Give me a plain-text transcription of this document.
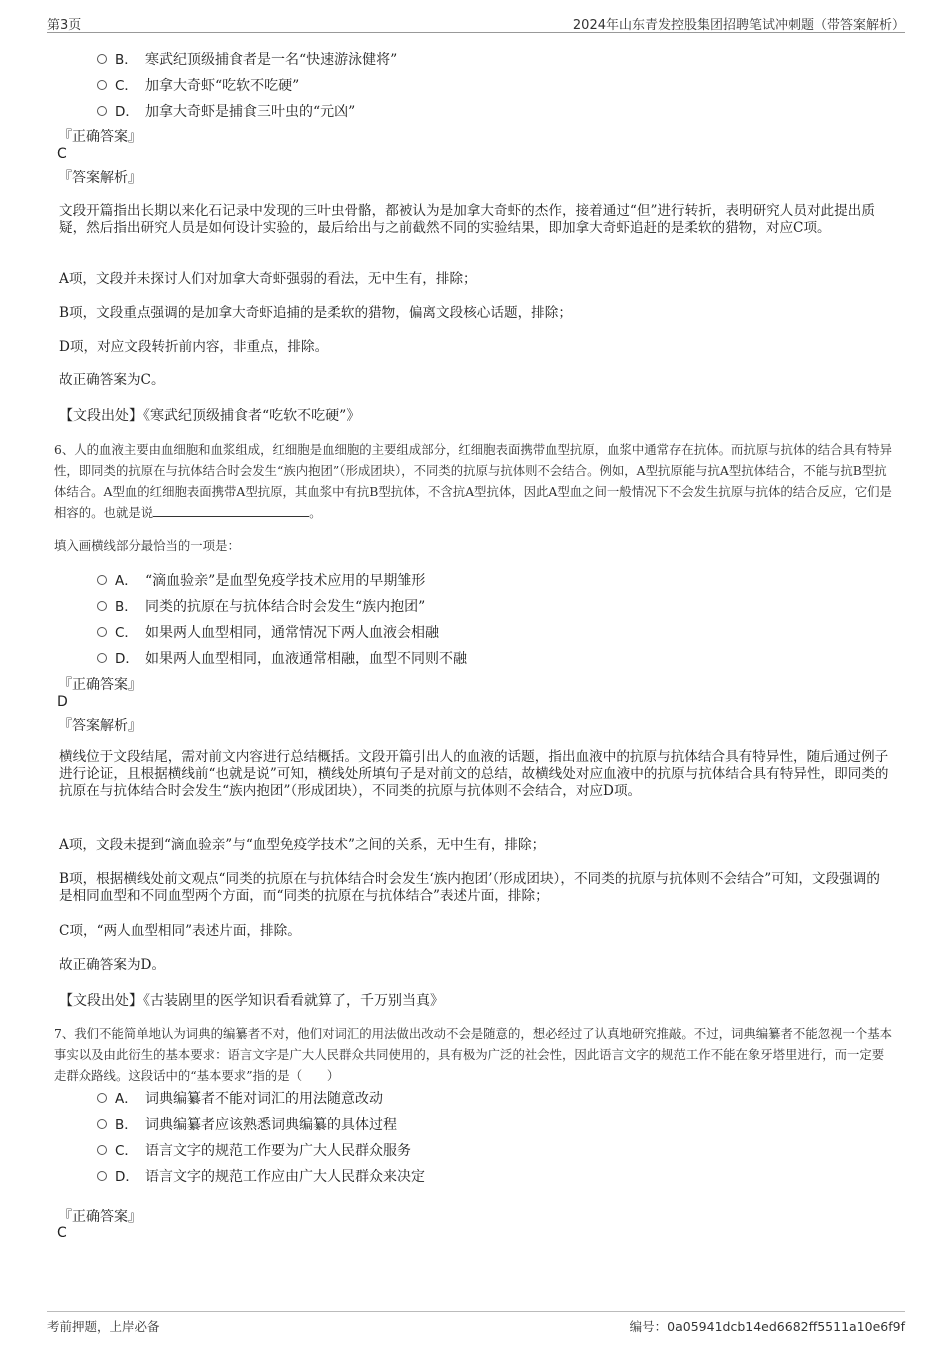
第3页	2024年山东青发控股集团招聘笔试冲刺题（带答案解析）
B． 寒武纪顶级捕食者是一名“快速游泳健将”
C． 加拿大奇虾“吃软不吃硬”
D． 加拿大奇虾是捕食三叶虫的“元凶”
『正确答案』
C
『答案解析』
文段开篇指出长期以来化石记录中发现的三叶虫骨骼，都被认为是加拿大奇虾的杰作，接着通过“但”进行转折，表明研究人员对此提出质疑，然后指出研究人员是如何设计实验的，最后给出与之前截然不同的实验结果，即加拿大奇虾追赶的是柔软的猎物，对应C项。
A项，文段并未探讨人们对加拿大奇虾强弱的看法，无中生有，排除；
B项，文段重点强调的是加拿大奇虾追捕的是柔软的猎物，偏离文段核心话题，排除；
D项，对应文段转折前内容，非重点，排除。
故正确答案为C。
【文段出处】《寒武纪顶级捕食者“吃软不吃硬”》
6、人的血液主要由血细胞和血浆组成，红细胞是血细胞的主要组成部分，红细胞表面携带血型抗原，血浆中通常存在抗体。而抗原与抗体的结合具有特异性，即同类的抗原在与抗体结合时会发生“族内抱团”（形成团块），不同类的抗原与抗体则不会结合。例如，A型抗原能与抗A型抗体结合，不能与抗B型抗体结合。A型血的红细胞表面携带A型抗原，其血浆中有抗B型抗体，不含抗A型抗体，因此A型血之间一般情况下不会发生抗原与抗体的结合反应，它们是相容的。也就是说	。
填入画横线部分最恰当的一项是：
A． “滴血验亲”是血型免疫学技术应用的早期雏形
B． 同类的抗原在与抗体结合时会发生“族内抱团”
C． 如果两人血型相同，通常情况下两人血液会相融
D． 如果两人血型相同，血液通常相融，血型不同则不融
『正确答案』
D
『答案解析』
横线位于文段结尾，需对前文内容进行总结概括。文段开篇引出人的血液的话题，指出血液中的抗原与抗体结合具有特异性，随后通过例子进行论证，且根据横线前“也就是说”可知，横线处所填句子是对前文的总结，故横线处对应血液中的抗原与抗体结合具有特异性，即同类的抗原在与抗体结合时会发生“族内抱团”（形成团块），不同类的抗原与抗体则不会结合，对应D项。
A项，文段未提到“滴血验亲”与“血型免疫学技术”之间的关系，无中生有，排除；
B项，根据横线处前文观点“同类的抗原在与抗体结合时会发生‘族内抱团’（形成团块），不同类的抗原与抗体则不会结合”可知，文段强调的是相同血型和不同血型两个方面，而“同类的抗原在与抗体结合”表述片面，排除；
C项，“两人血型相同”表述片面，排除。
故正确答案为D。
【文段出处】《古装剧里的医学知识看看就算了，千万别当真》
7、我们不能简单地认为词典的编纂者不对，他们对词汇的用法做出改动不会是随意的，想必经过了认真地研究推敲。不过，词典编纂者不能忽视一个基本事实以及由此衍生的基本要求：语言文字是广大人民群众共同使用的，具有极为广泛的社会性，因此语言文字的规范工作不能在象牙塔里进行，而一定要走群众路线。这段话中的“基本要求”指的是（　　）
A． 词典编纂者不能对词汇的用法随意改动
B． 词典编纂者应该熟悉词典编纂的具体过程
C． 语言文字的规范工作要为广大人民群众服务
D． 语言文字的规范工作应由广大人民群众来决定
『正确答案』
C
考前押题，上岸必备	编号：0a05941dcb14ed6682ff5511a10e6f9f
